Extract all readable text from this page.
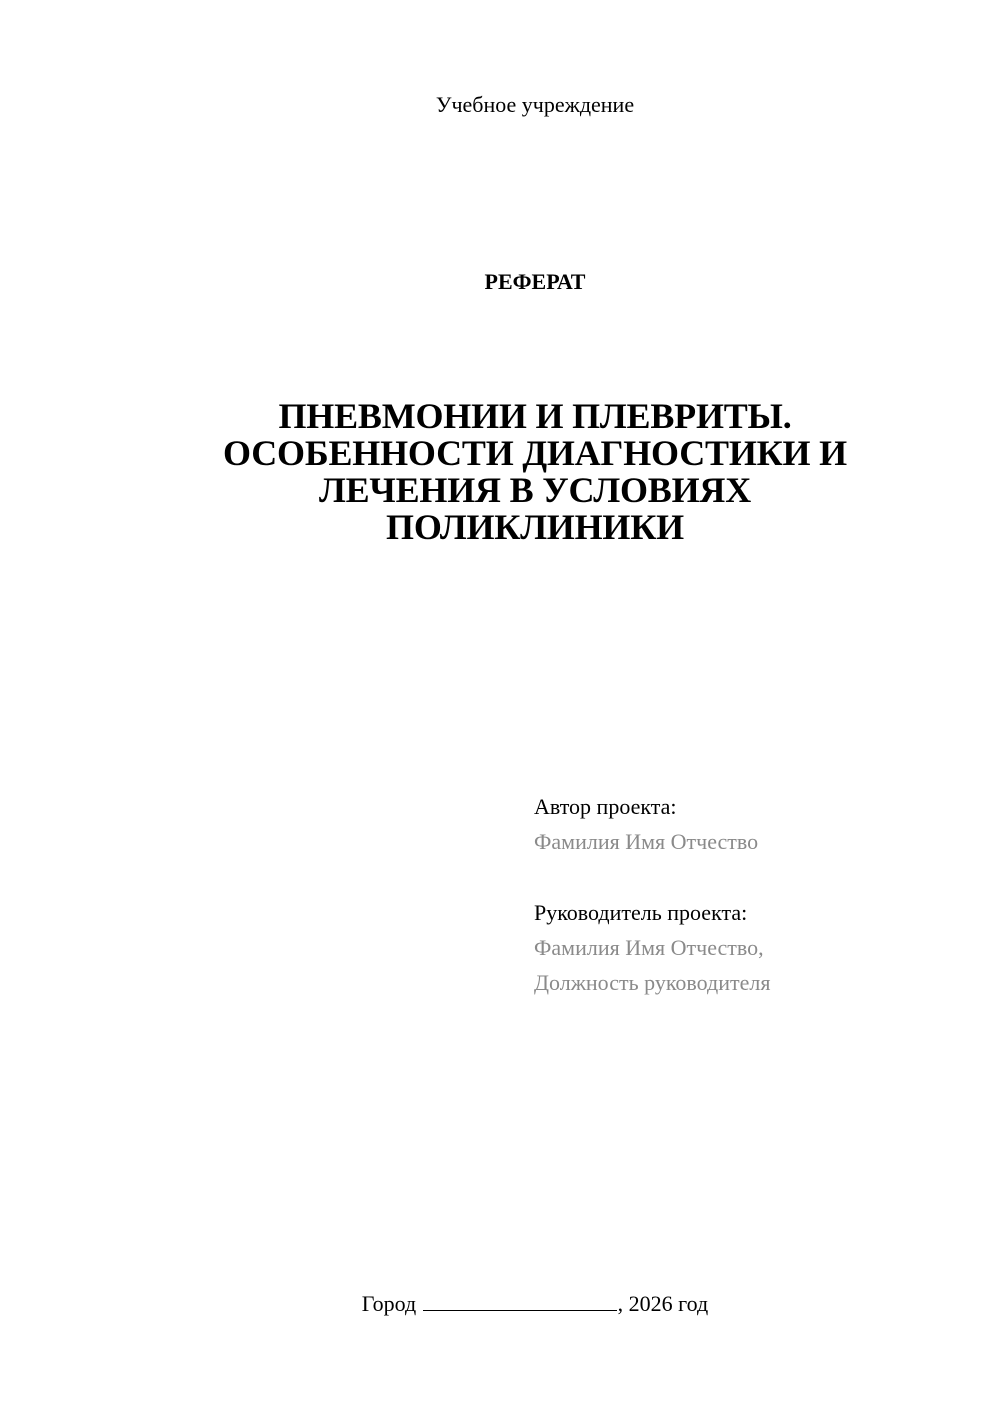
Учебное учреждение
РЕФЕРАТ
ПНЕВМОНИИ И ПЛЕВРИТЫ.
ОСОБЕННОСТИ ДИАГНОСТИКИ И
ЛЕЧЕНИЯ В УСЛОВИЯХ
ПОЛИКЛИНИКИ
Автор проекта:
Фамилия Имя Отчество
Руководитель проекта:
Фамилия Имя Отчество,
Должность руководителя
Город	, 2026 год
